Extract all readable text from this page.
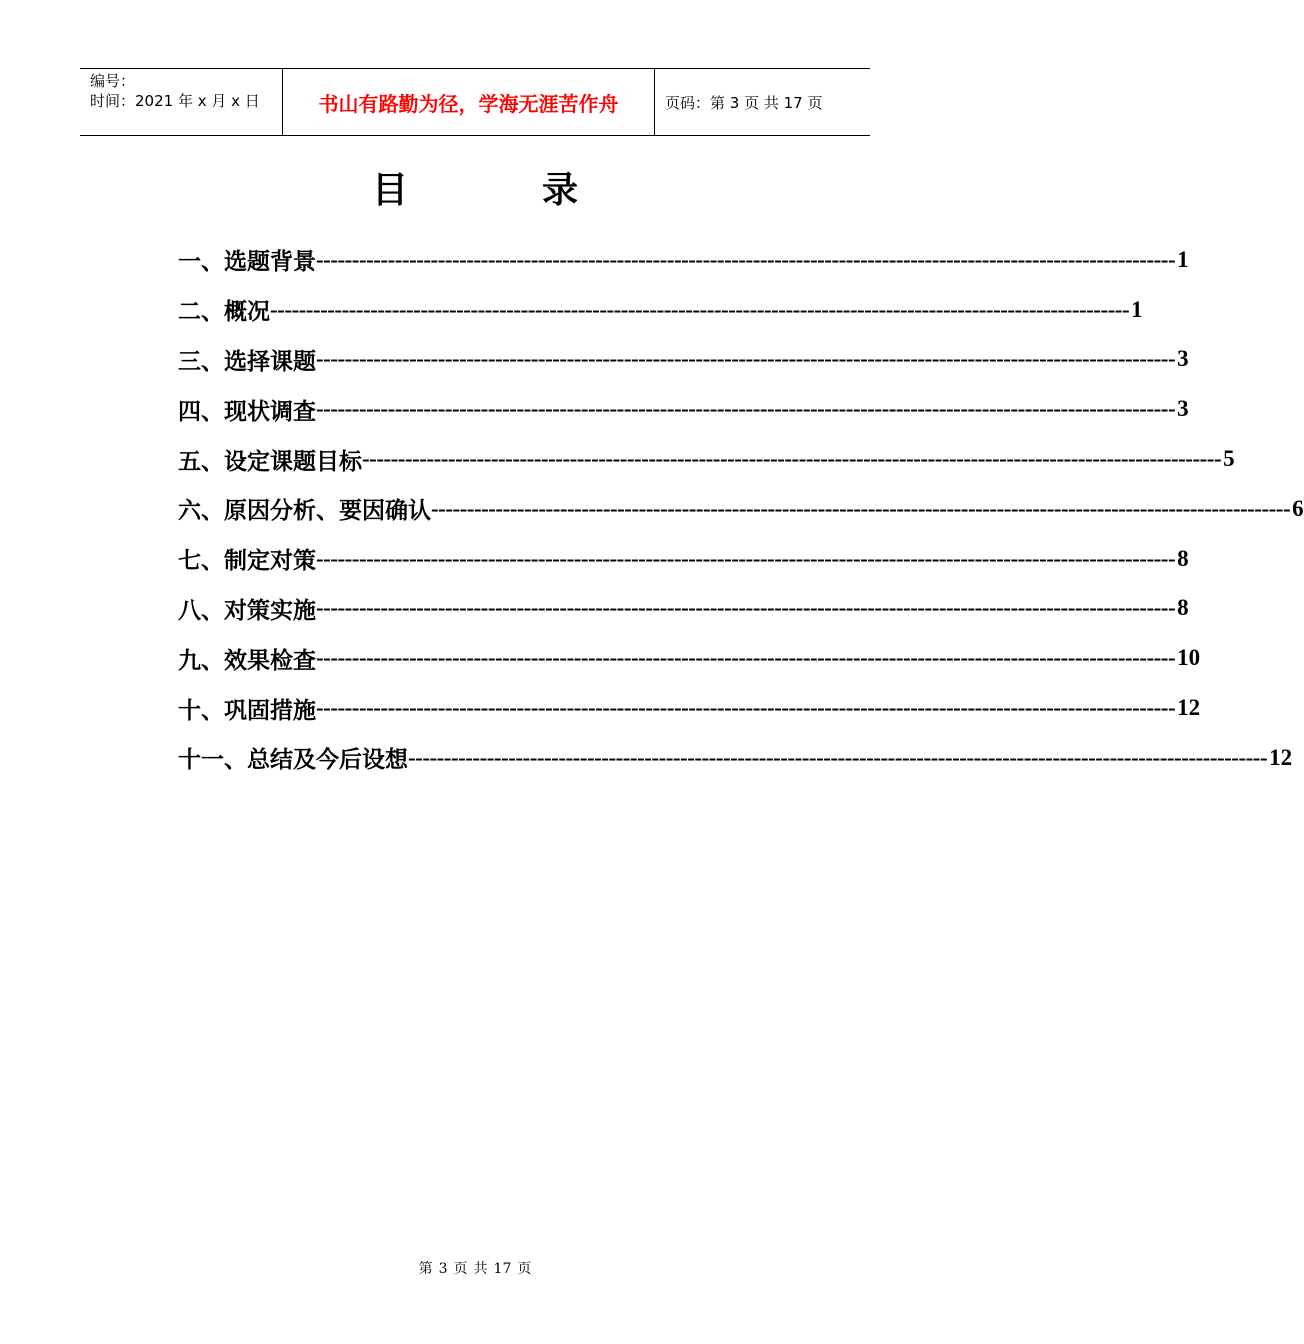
编号：
时间：2021 年 x 月 x 日	书山有路勤为径，学海无涯苦作舟	页码：第 3 页 共 17 页
目	录
一、选题背景 ------------------------------------------------------------------------------------------------------------------------ 1
二、概况 ------------------------------------------------------------------------------------------------------------------------ 1
三、选择课题 ------------------------------------------------------------------------------------------------------------------------ 3
四、现状调查 ------------------------------------------------------------------------------------------------------------------------ 3
五、设定课题目标 ------------------------------------------------------------------------------------------------------------------------ 5
六、原因分析、要因确认 ------------------------------------------------------------------------------------------------------------------------ 6
七、制定对策 ------------------------------------------------------------------------------------------------------------------------ 8
八、对策实施 ------------------------------------------------------------------------------------------------------------------------ 8
九、效果检查 ------------------------------------------------------------------------------------------------------------------------ 10
十、巩固措施 ------------------------------------------------------------------------------------------------------------------------ 12
十一、总结及今后设想 ------------------------------------------------------------------------------------------------------------------------ 12
第 3 页 共 17 页
